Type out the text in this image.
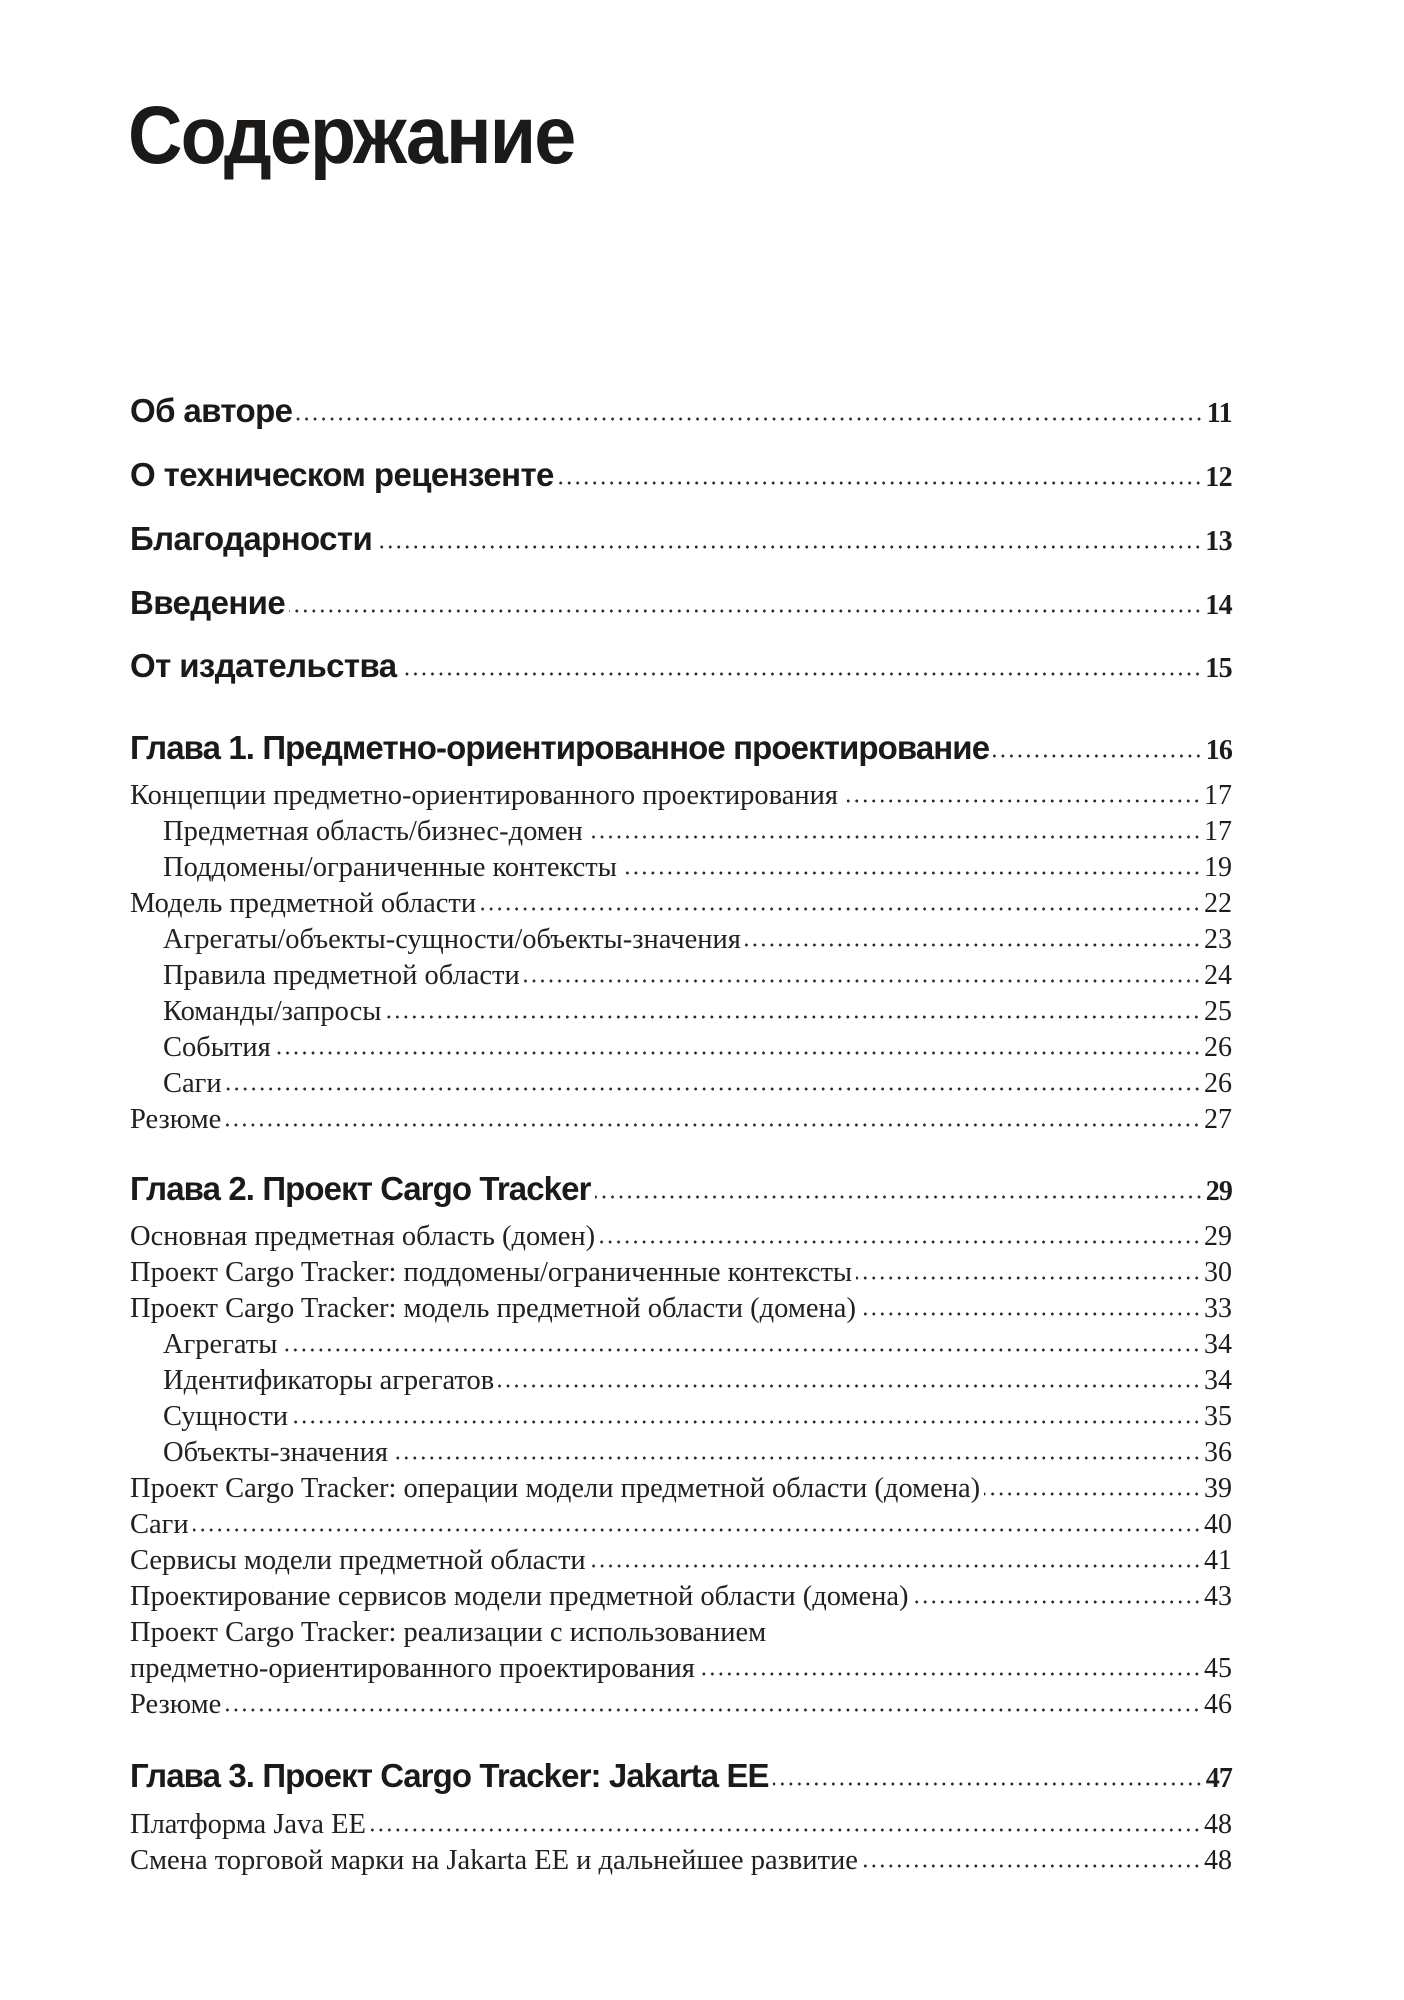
Содержание
Об авторе	11
О техническом рецензенте	12
Благодарности	13
Введение	14
От издательства	15
Глава 1. Предметно-ориентированное проектирование	16
Концепции предметно-ориентированного проектирования	17
Предметная область/бизнес-домен	17
Поддомены/ограниченные контексты	19
Модель предметной области	22
Агрегаты/объекты-сущности/объекты-значения	23
Правила предметной области	24
Команды/запросы	25
События	26
Саги	26
Резюме	27
Глава 2. Проект Cargo Tracker	29
Основная предметная область (домен)	29
Проект Cargo Tracker: поддомены/ограниченные контексты	30
Проект Cargo Tracker: модель предметной области (домена)	33
Агрегаты	34
Идентификаторы агрегатов	34
Сущности	35
Объекты-значения	36
Проект Cargo Tracker: операции модели предметной области (домена)	39
Саги	40
Сервисы модели предметной области	41
Проектирование сервисов модели предметной области (домена)	43
Проект Cargo Tracker: реализации с использованием
предметно-ориентированного проектирования	45
Резюме	46
Глава 3. Проект Cargo Tracker: Jakarta EE	47
Платформа Java EE	48
Смена торговой марки на Jakarta EE и дальнейшее развитие	48
